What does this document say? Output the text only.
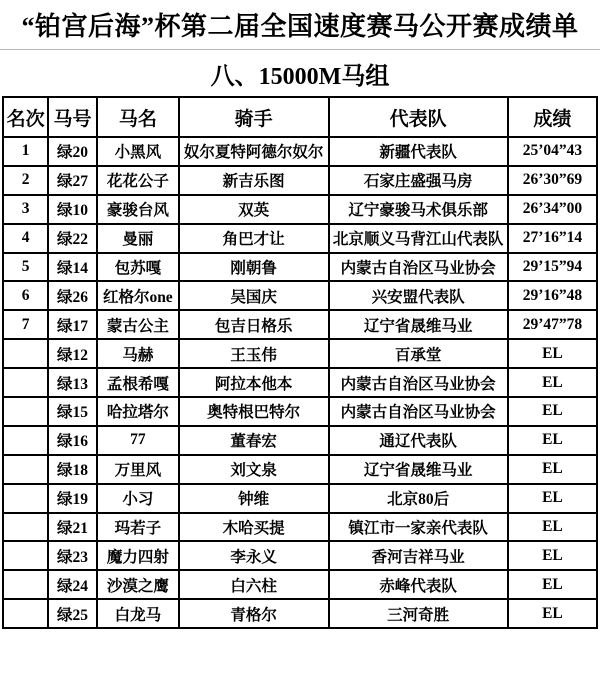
“铂宫后海”杯第二届全国速度赛马公开赛成绩单
八、15000M马组
名次	马号	马名	骑手	代表队	成绩
1	绿20	小黑风	奴尔夏特阿德尔奴尔	新疆代表队	25’04”43
2	绿27	花花公子	新吉乐图	石家庄盛强马房	26’30”69
3	绿10	豪骏台风	双英	辽宁豪骏马术俱乐部	26’34”00
4	绿22	曼丽	角巴才让	北京顺义马背江山代表队	27’16”14
5	绿14	包苏嘎	刚朝鲁	内蒙古自治区马业协会	29’15”94
6	绿26	红格尔one	吴国庆	兴安盟代表队	29’16”48
7	绿17	蒙古公主	包吉日格乐	辽宁省晟维马业	29’47”78
	绿12	马赫	王玉伟	百承堂	EL
	绿13	孟根希嘎	阿拉本他本	内蒙古自治区马业协会	EL
	绿15	哈拉塔尔	奥特根巴特尔	内蒙古自治区马业协会	EL
	绿16	77	董春宏	通辽代表队	EL
	绿18	万里风	刘文泉	辽宁省晟维马业	EL
	绿19	小习	钟维	北京80后	EL
	绿21	玛若子	木哈买提	镇江市一家亲代表队	EL
	绿23	魔力四射	李永义	香河吉祥马业	EL
	绿24	沙漠之鹰	白六柱	赤峰代表队	EL
	绿25	白龙马	青格尔	三河奇胜	EL
